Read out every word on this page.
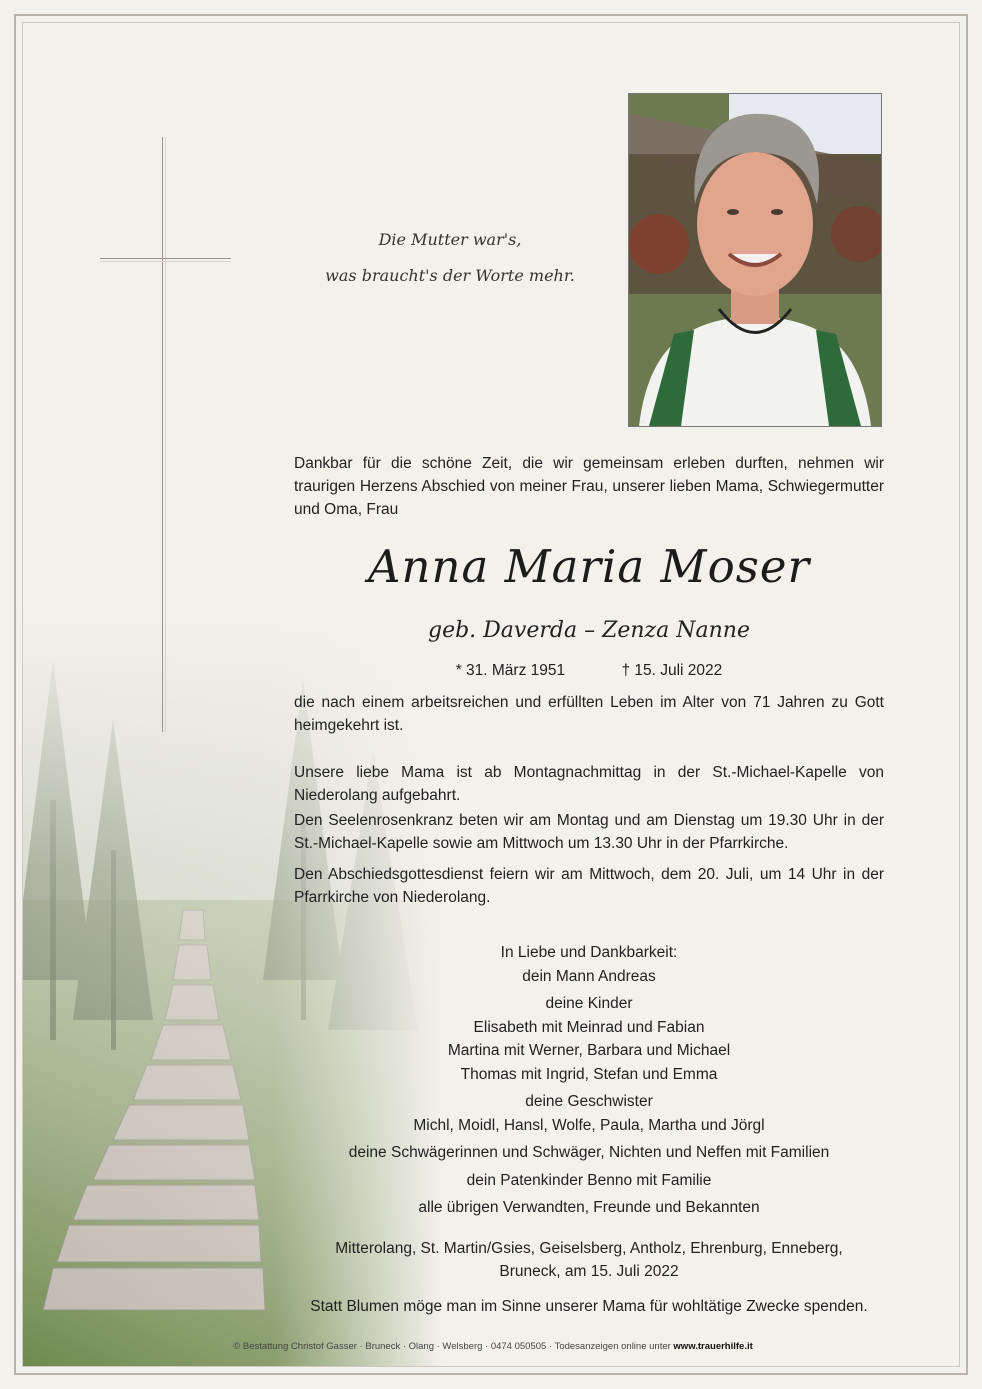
Die Mutter war's,
was braucht's der Worte mehr.

Dankbar für die schöne Zeit, die wir gemeinsam erleben durften, nehmen wir traurigen Herzens Abschied von meiner Frau, unserer lieben Mama, Schwiegermutter und Oma, Frau

Anna Maria Moser
geb. Daverda – Zenza Nanne
* 31. März 1951	† 15. Juli 2022

die nach einem arbeitsreichen und erfüllten Leben im Alter von 71 Jahren zu Gott heimgekehrt ist.

Unsere liebe Mama ist ab Montagnachmittag in der St.-Michael-Kapelle von Niederolang aufgebahrt.

Den Seelenrosenkranz beten wir am Montag und am Dienstag um 19.30 Uhr in der St.-Michael-Kapelle sowie am Mittwoch um 13.30 Uhr in der Pfarrkirche.

Den Abschiedsgottesdienst feiern wir am Mittwoch, dem 20. Juli, um 14 Uhr in der Pfarrkirche von Niederolang.

In Liebe und Dankbarkeit:

dein Mann Andreas

deine Kinder

Elisabeth mit Meinrad und Fabian

Martina mit Werner, Barbara und Michael

Thomas mit Ingrid, Stefan und Emma

deine Geschwister

Michl, Moidl, Hansl, Wolfe, Paula, Martha und Jörgl

deine Schwägerinnen und Schwäger, Nichten und Neffen mit Familien

dein Patenkinder Benno mit Familie

alle übrigen Verwandten, Freunde und Bekannten

Mitterolang, St. Martin/Gsies, Geiselsberg, Antholz, Ehrenburg, Enneberg,

Bruneck, am 15. Juli 2022

Statt Blumen möge man im Sinne unserer Mama für wohltätige Zwecke spenden.

© Bestattung Christof Gasser · Bruneck · Olang · Welsberg · 0474 050505 · Todesanzeigen online unter www.trauerhilfe.it
